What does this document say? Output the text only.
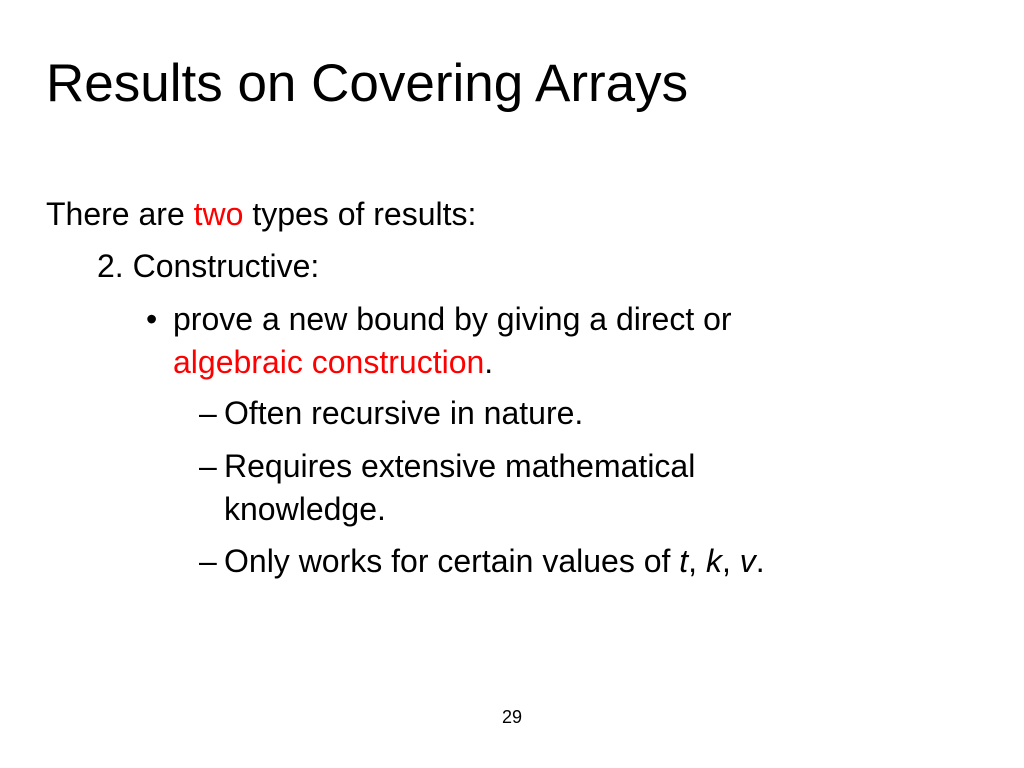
Results on Covering Arrays
There are two types of results:
2. Constructive:
• prove a new bound by giving a direct or
algebraic construction.
– Often recursive in nature.
– Requires extensive mathematical
knowledge.
– Only works for certain values of t, k, v.
29
